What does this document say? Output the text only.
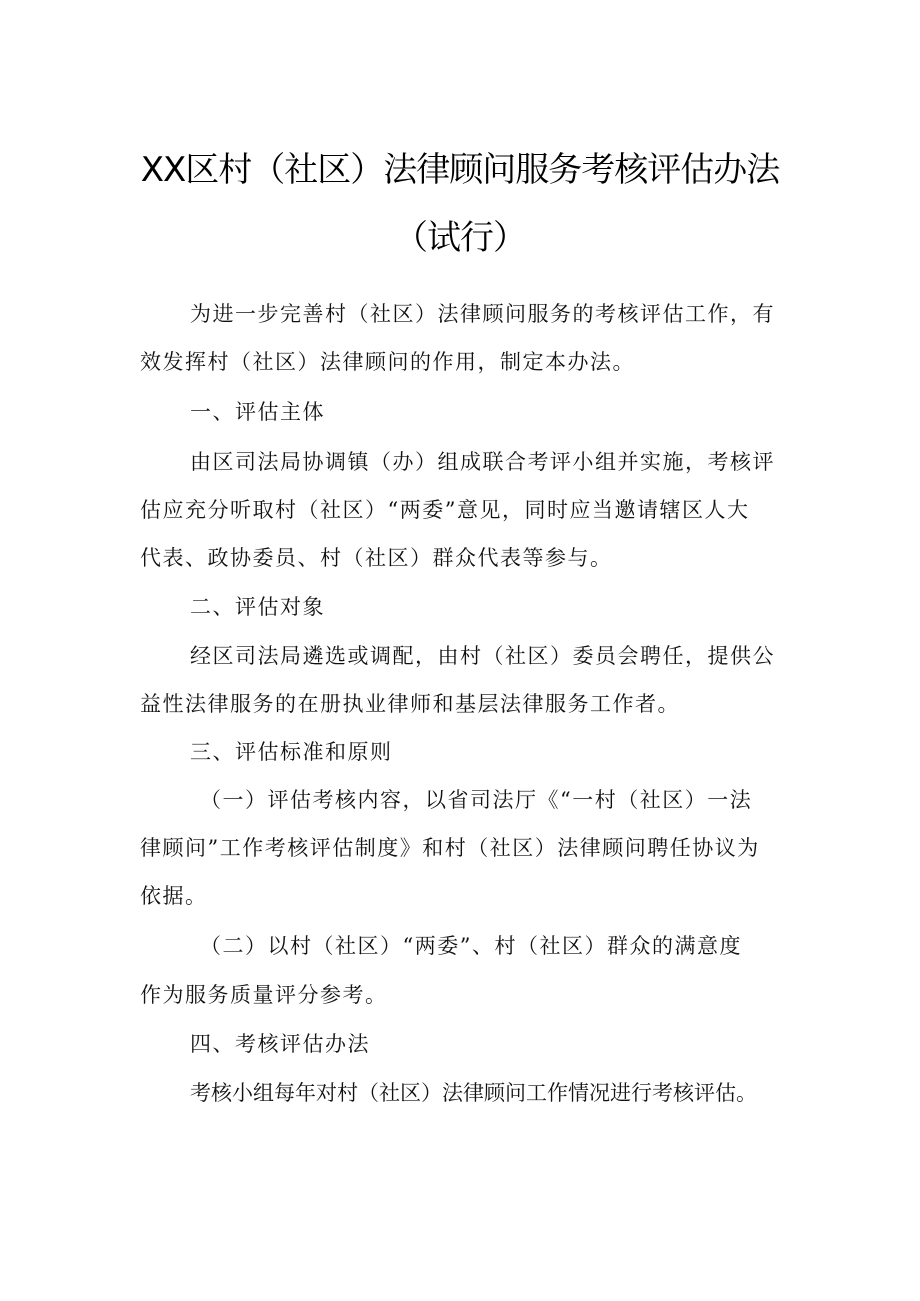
XX区村（社区）法律顾问服务考核评估办法
（试行）
为进一步完善村（社区）法律顾问服务的考核评估工作，有
效发挥村（社区）法律顾问的作用，制定本办法。
一、评估主体
由区司法局协调镇（办）组成联合考评小组并实施，考核评
估应充分听取村（社区）“两委”意见，同时应当邀请辖区人大
代表、政协委员、村（社区）群众代表等参与。
二、评估对象
经区司法局遴选或调配，由村（社区）委员会聘任，提供公
益性法律服务的在册执业律师和基层法律服务工作者。
三、评估标准和原则
（一）评估考核内容，以省司法厅《“一村（社区）一法
律顾问”工作考核评估制度》和村（社区）法律顾问聘任协议为
依据。
（二）以村（社区）“两委”、村（社区）群众的满意度
作为服务质量评分参考。
四、考核评估办法
考核小组每年对村（社区）法律顾问工作情况进行考核评估。
